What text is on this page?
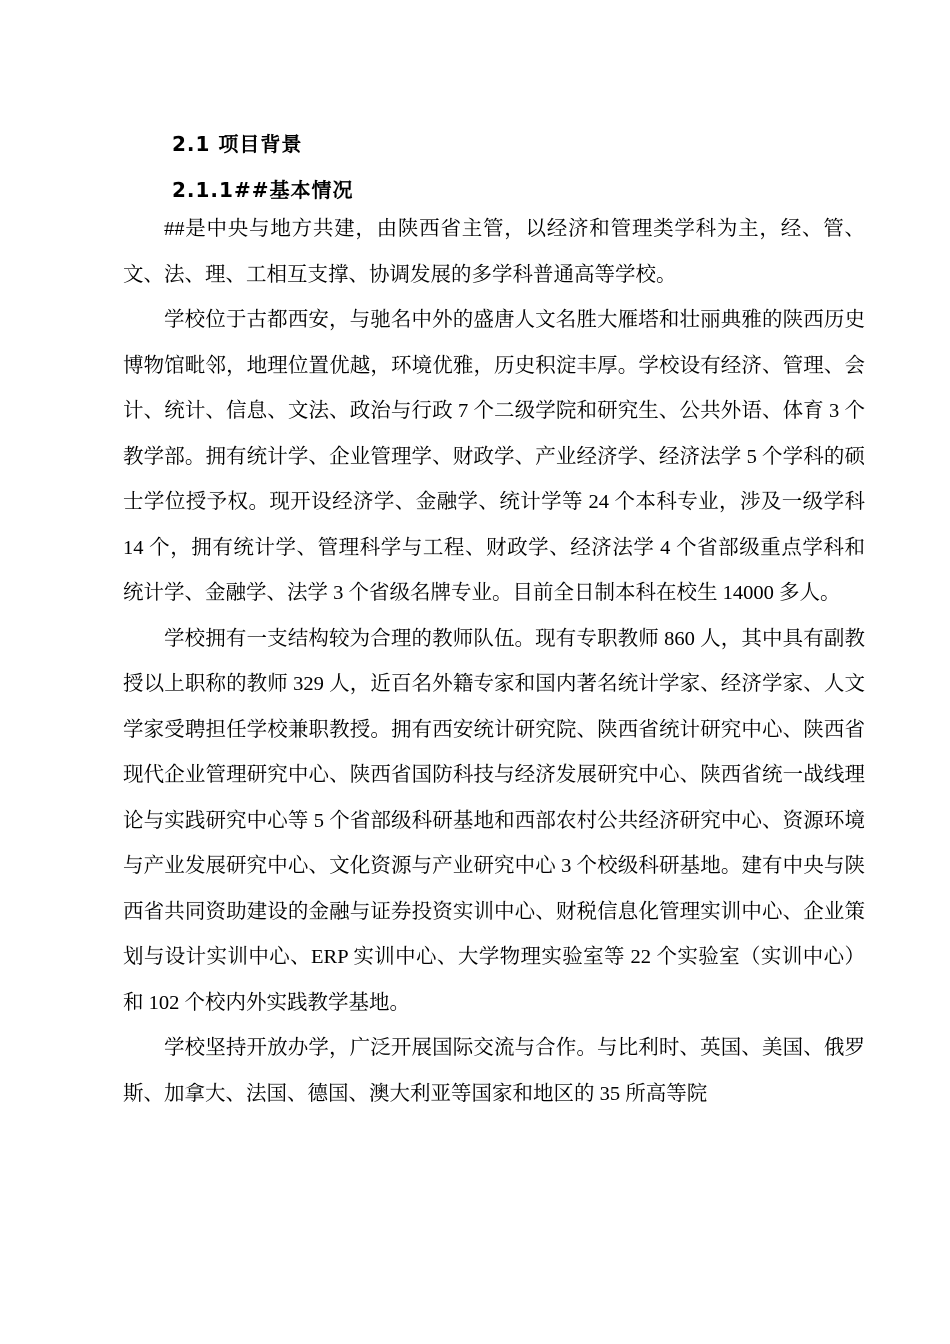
2.1 项目背景
2.1.1##基本情况

##是中央与地方共建，由陕西省主管，以经济和管理类学科为主，经、管、文、法、理、工相互支撑、协调发展的多学科普通高等学校。

学校位于古都西安，与驰名中外的盛唐人文名胜大雁塔和壮丽典雅的陕西历史博物馆毗邻，地理位置优越，环境优雅，历史积淀丰厚。学校设有经济、管理、会计、统计、信息、文法、政治与行政 7 个二级学院和研究生、公共外语、体育 3 个教学部。拥有统计学、企业管理学、财政学、产业经济学、经济法学 5 个学科的硕士学位授予权。现开设经济学、金融学、统计学等 24 个本科专业，涉及一级学科 14 个，拥有统计学、管理科学与工程、财政学、经济法学 4 个省部级重点学科和统计学、金融学、法学 3 个省级名牌专业。目前全日制本科在校生 14000 多人。

学校拥有一支结构较为合理的教师队伍。现有专职教师 860 人，其中具有副教授以上职称的教师 329 人，近百名外籍专家和国内著名统计学家、经济学家、人文学家受聘担任学校兼职教授。拥有西安统计研究院、陕西省统计研究中心、陕西省现代企业管理研究中心、陕西省国防科技与经济发展研究中心、陕西省统一战线理论与实践研究中心等 5 个省部级科研基地和西部农村公共经济研究中心、资源环境与产业发展研究中心、文化资源与产业研究中心 3 个校级科研基地。建有中央与陕西省共同资助建设的金融与证券投资实训中心、财税信息化管理实训中心、企业策划与设计实训中心、ERP 实训中心、大学物理实验室等 22 个实验室（实训中心）和 102 个校内外实践教学基地。

学校坚持开放办学，广泛开展国际交流与合作。与比利时、英国、美国、俄罗斯、加拿大、法国、德国、澳大利亚等国家和地区的 35 所高等院
